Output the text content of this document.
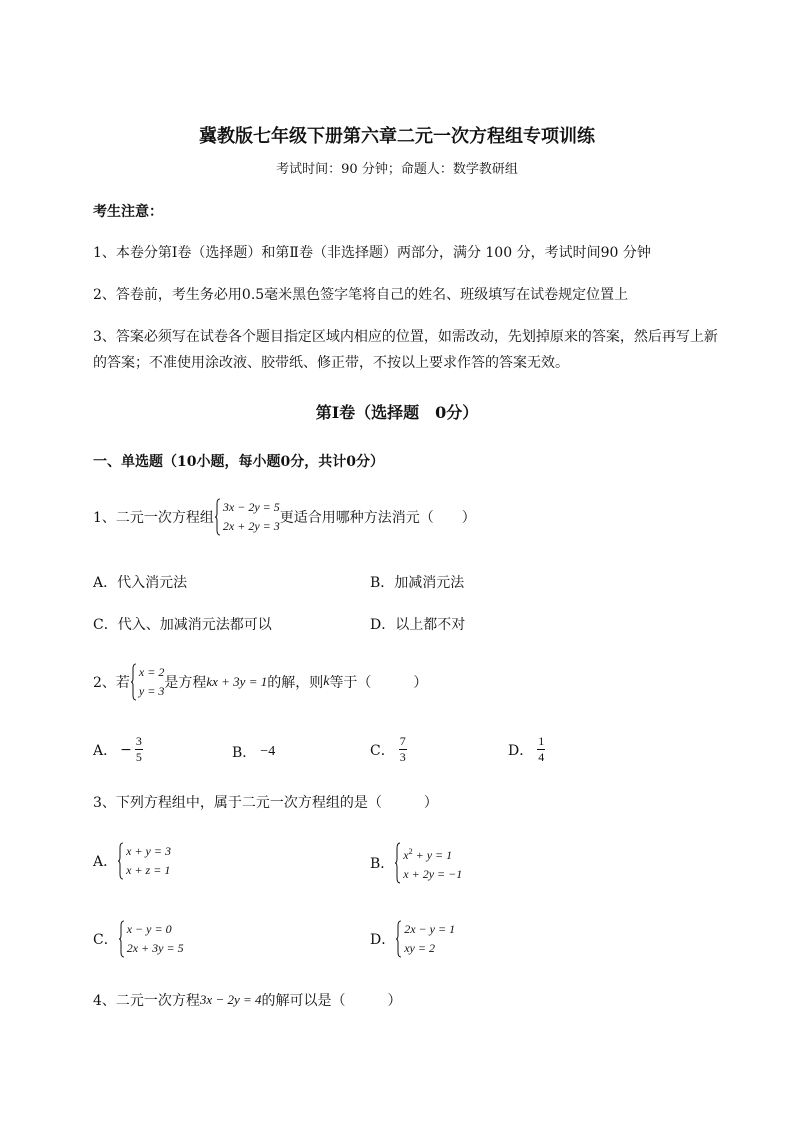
冀教版七年级下册第六章二元一次方程组专项训练
考试时间：90 分钟；命题人：数学教研组
考生注意：
1、本卷分第Ⅰ卷（选择题）和第Ⅱ卷（非选择题）两部分，满分 100 分，考试时间90 分钟
2、答卷前，考生务必用0.5毫米黑色签字笔将自己的姓名、班级填写在试卷规定位置上
3、答案必须写在试卷各个题目指定区域内相应的位置，如需改动，先划掉原来的答案，然后再写上新
的答案；不准使用涂改液、胶带纸、修正带，不按以上要求作答的答案无效。
第Ⅰ卷（选择题　0分）
一、单选题（10小题，每小题0分，共计0分）
1、二元一次方程组
3x − 2y = 5
2x + 2y = 3 更适合用哪种方法消元（　　）
A．代入消元法	B．加减消元法
C．代入、加减消元法都可以	D．以上都不对
2、若
x = 2
y = 3 是方程 kx + 3y = 1 的解，则 k 等于（　　　）
A． − $\frac{3}{5}$	B． −4	C． $\frac{7}{3}$	D． $\frac{1}{4}$
3、下列方程组中，属于二元一次方程组的是（　　　）
A．
x + y = 3
x + z = 1	B．
$x^2 + y = 1$
x + 2y = −1
C．
x − y = 0
2x + 3y = 5	D．
2x − y = 1
xy = 2
4、二元一次方程 3x − 2y = 4 的解可以是（　　　）
